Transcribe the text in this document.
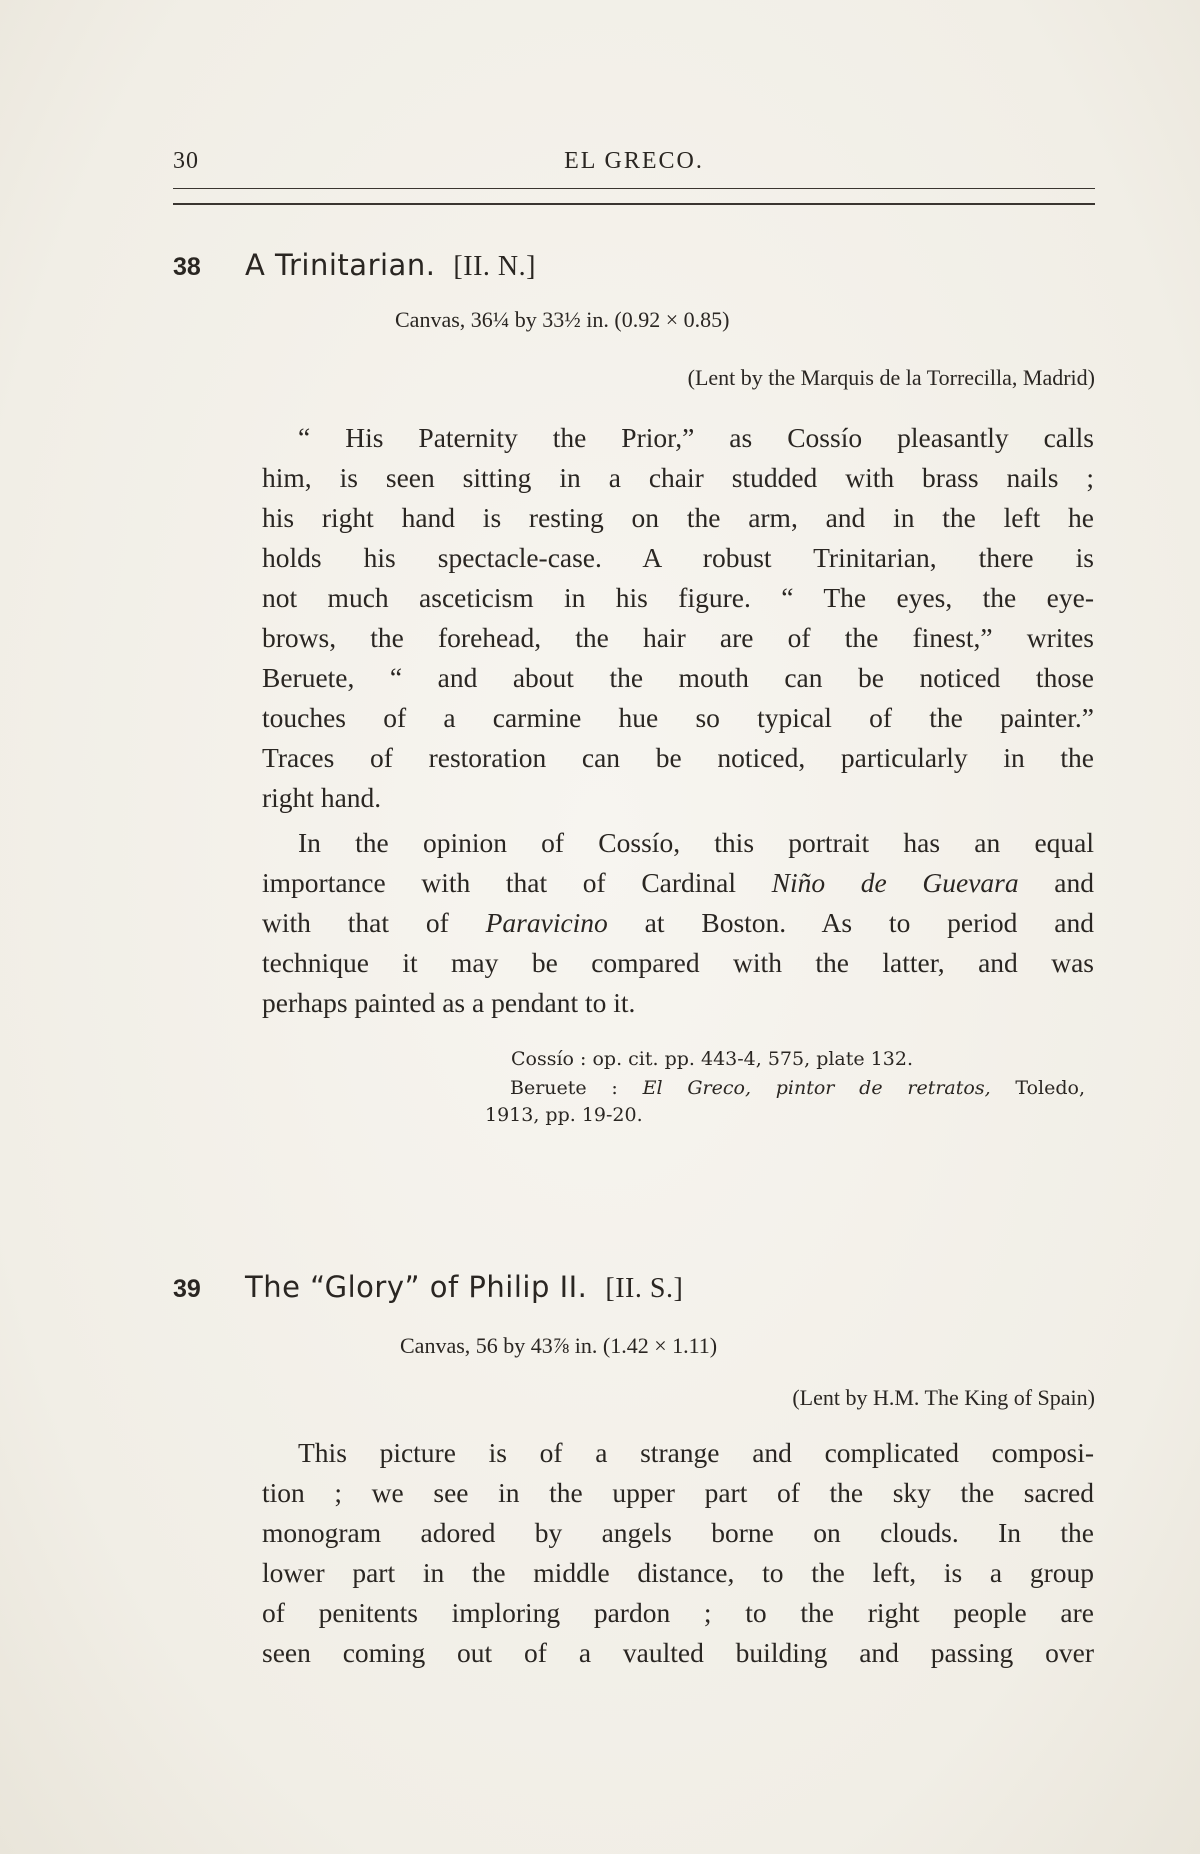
30	EL GRECO.
38 A Trinitarian. [II. N.]
Canvas, 36¼ by 33½ in. (0.92 × 0.85)
(Lent by the Marquis de la Torrecilla, Madrid)
“ His Paternity the Prior,” as Cossío pleasantly calls
him, is seen sitting in a chair studded with brass nails ;
his right hand is resting on the arm, and in the left he
holds his spectacle-case. A robust Trinitarian, there is
not much asceticism in his figure. “ The eyes, the eye-
brows, the forehead, the hair are of the finest,” writes
Beruete, “ and about the mouth can be noticed those
touches of a carmine hue so typical of the painter.”
Traces of restoration can be noticed, particularly in the
right hand.
In the opinion of Cossío, this portrait has an equal
importance with that of Cardinal Niño de Guevara and
with that of Paravicino at Boston. As to period and
technique it may be compared with the latter, and was
perhaps painted as a pendant to it.
Cossío : op. cit. pp. 443-4, 575, plate 132.
Beruete : El Greco, pintor de retratos, Toledo,
1913, pp. 19-20.
39 The “Glory” of Philip II. [II. S.]
Canvas, 56 by 43⅞ in. (1.42 × 1.11)
(Lent by H.M. The King of Spain)
This picture is of a strange and complicated composi-
tion ; we see in the upper part of the sky the sacred
monogram adored by angels borne on clouds. In the
lower part in the middle distance, to the left, is a group
of penitents imploring pardon ; to the right people are
seen coming out of a vaulted building and passing over
